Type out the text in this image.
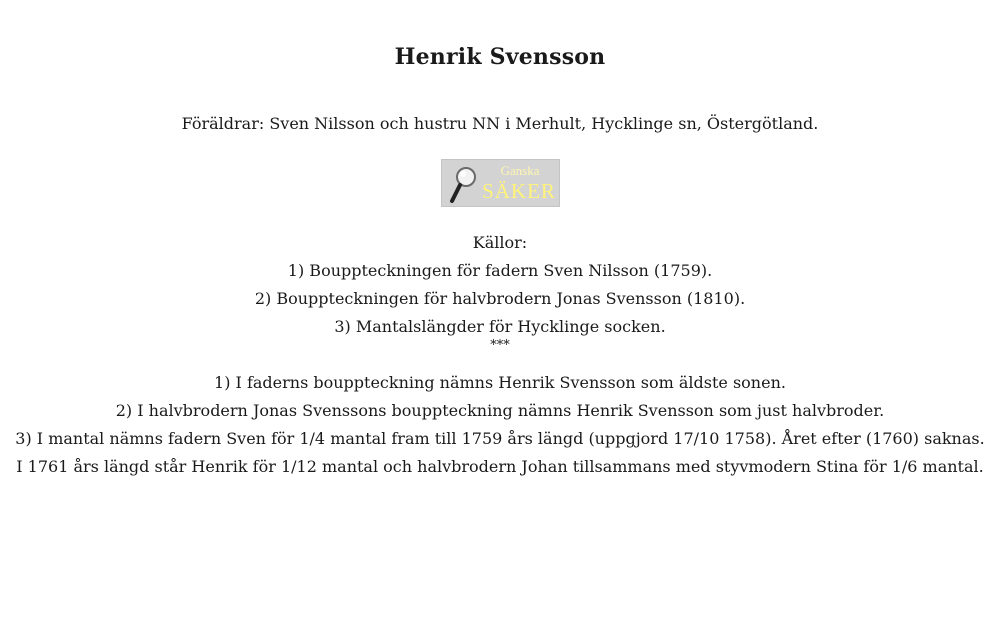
Henrik Svensson
Föräldrar: Sven Nilsson och hustru NN i Merhult, Hycklinge sn, Östergötland.
Ganska
SÄKER
Källor:
1) Bouppteckningen för fadern Sven Nilsson (1759).
2) Bouppteckningen för halvbrodern Jonas Svensson (1810).
3) Mantalslängder för Hycklinge socken.
***
1) I faderns bouppteckning nämns Henrik Svensson som äldste sonen.
2) I halvbrodern Jonas Svenssons bouppteckning nämns Henrik Svensson som just halvbroder.
3) I mantal nämns fadern Sven för 1/4 mantal fram till 1759 års längd (uppgjord 17/10 1758). Året efter (1760) saknas.
I 1761 års längd står Henrik för 1/12 mantal och halvbrodern Johan tillsammans med styvmodern Stina för 1/6 mantal.
